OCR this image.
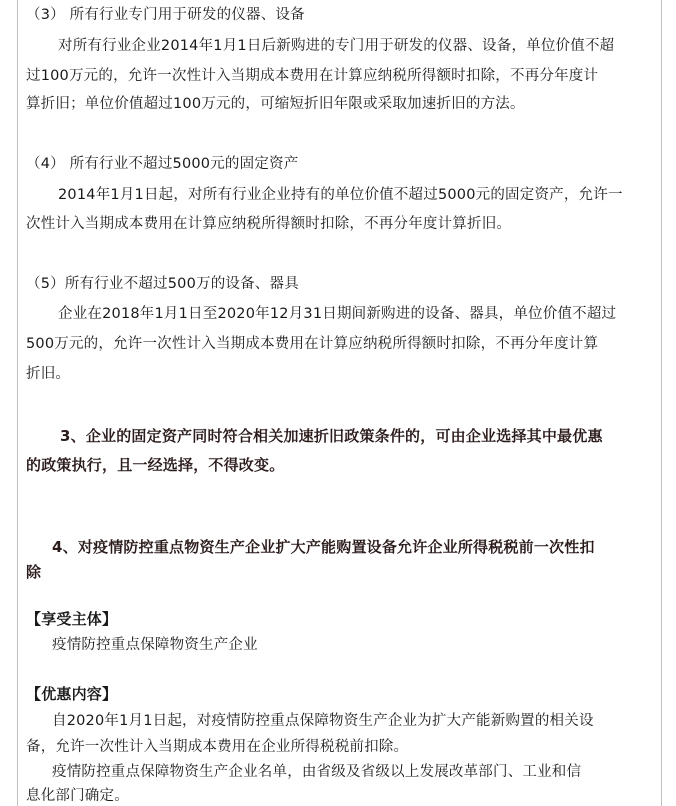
（3） 所有行业专门用于研发的仪器、设备
对所有行业企业2014年1月1日后新购进的专门用于研发的仪器、设备，单位价值不超
过100万元的，允许一次性计入当期成本费用在计算应纳税所得额时扣除，不再分年度计
算折旧；单位价值超过100万元的，可缩短折旧年限或采取加速折旧的方法。
（4） 所有行业不超过5000元的固定资产
2014年1月1日起，对所有行业企业持有的单位价值不超过5000元的固定资产，允许一
次性计入当期成本费用在计算应纳税所得额时扣除，不再分年度计算折旧。
（5）所有行业不超过500万的设备、器具
企业在2018年1月1日至2020年12月31日期间新购进的设备、器具，单位价值不超过
500万元的，允许一次性计入当期成本费用在计算应纳税所得额时扣除，不再分年度计算
折旧。
3、企业的固定资产同时符合相关加速折旧政策条件的，可由企业选择其中最优惠
的政策执行，且一经选择，不得改变。
4、对疫情防控重点物资生产企业扩大产能购置设备允许企业所得税税前一次性扣
除
【享受主体】
疫情防控重点保障物资生产企业
【优惠内容】
自2020年1月1日起，对疫情防控重点保障物资生产企业为扩大产能新购置的相关设
备，允许一次性计入当期成本费用在企业所得税税前扣除。
疫情防控重点保障物资生产企业名单，由省级及省级以上发展改革部门、工业和信
息化部门确定。
